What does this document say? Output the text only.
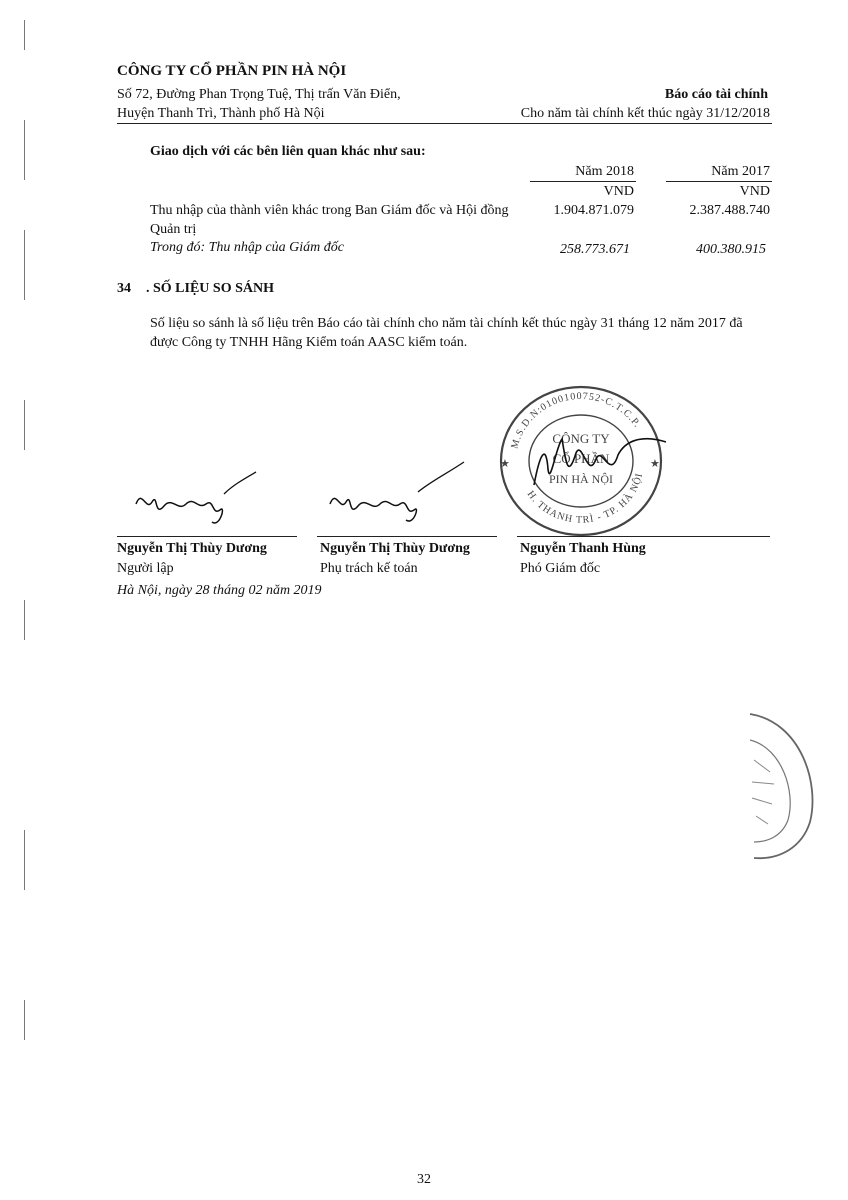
CÔNG TY CỔ PHẦN PIN HÀ NỘI
Số 72, Đường Phan Trọng Tuệ, Thị trấn Văn Điển,
Huyện Thanh Trì, Thành phố Hà Nội
Báo cáo tài chính
Cho năm tài chính kết thúc ngày 31/12/2018
Giao dịch với các bên liên quan khác như sau:
Năm 2018	Năm 2017
VND	VND
Thu nhập của thành viên khác trong Ban Giám đốc và Hội đồng
Quản trị
1.904.871.079	2.387.488.740
Trong đó: Thu nhập của Giám đốc	258.773.671	400.380.915
34 . SỐ LIỆU SO SÁNH
Số liệu so sánh là số liệu trên Báo cáo tài chính cho năm tài chính kết thúc ngày 31 tháng 12 năm 2017 đã
được Công ty TNHH Hãng Kiểm toán AASC kiểm toán.
M.S.D.N:0100100752-C.T.C.P.
H. THANH TRÌ - TP. HÀ NỘI
★	★
CÔNG TY
CỔ PHẦN
PIN HÀ NỘI
Nguyễn Thị Thùy Dương
Người lập
Nguyễn Thị Thùy Dương
Phụ trách kế toán
Nguyễn Thanh Hùng
Phó Giám đốc
Hà Nội, ngày 28 tháng 02 năm 2019
32
